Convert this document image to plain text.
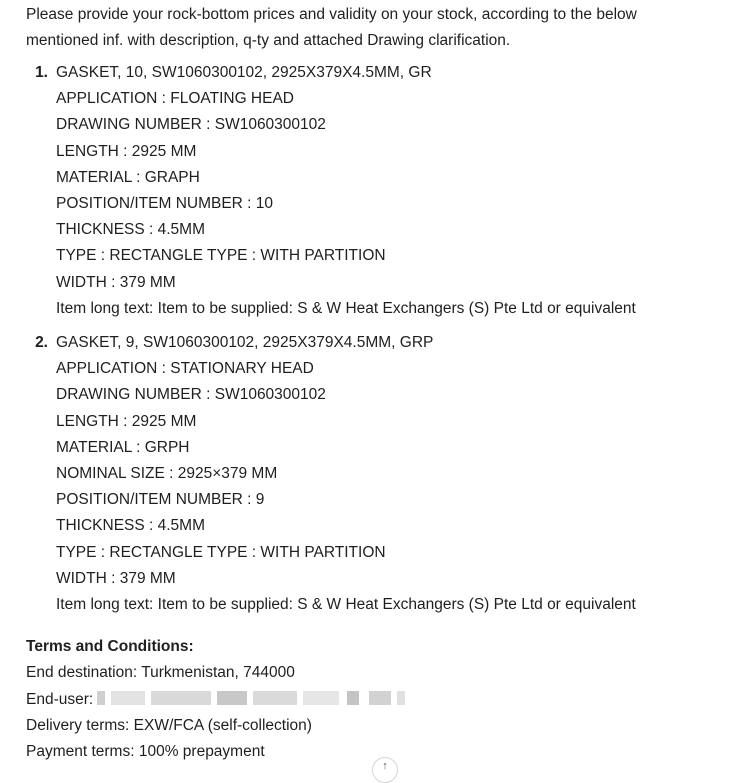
Please provide your rock-bottom prices and validity on your stock, according to the below
mentioned inf. with description, q-ty and attached Drawing clarification.
1. GASKET, 10, SW1060300102, 2925X379X4.5MM, GR
APPLICATION : FLOATING HEAD
DRAWING NUMBER : SW1060300102
LENGTH : 2925 MM
MATERIAL : GRAPH
POSITION/ITEM NUMBER : 10
THICKNESS : 4.5MM
TYPE : RECTANGLE TYPE : WITH PARTITION
WIDTH : 379 MM
Item long text: Item to be supplied: S & W Heat Exchangers (S) Pte Ltd or equivalent
2. GASKET, 9, SW1060300102, 2925X379X4.5MM, GRP
APPLICATION : STATIONARY HEAD
DRAWING NUMBER : SW1060300102
LENGTH : 2925 MM
MATERIAL : GRPH
NOMINAL SIZE : 2925×379 MM
POSITION/ITEM NUMBER : 9
THICKNESS : 4.5MM
TYPE : RECTANGLE TYPE : WITH PARTITION
WIDTH : 379 MM
Item long text: Item to be supplied: S & W Heat Exchangers (S) Pte Ltd or equivalent
Terms and Conditions:
End destination: Turkmenistan, 744000
End-user:
Delivery terms: EXW/FCA (self-collection)
Payment terms: 100% prepayment
↑
